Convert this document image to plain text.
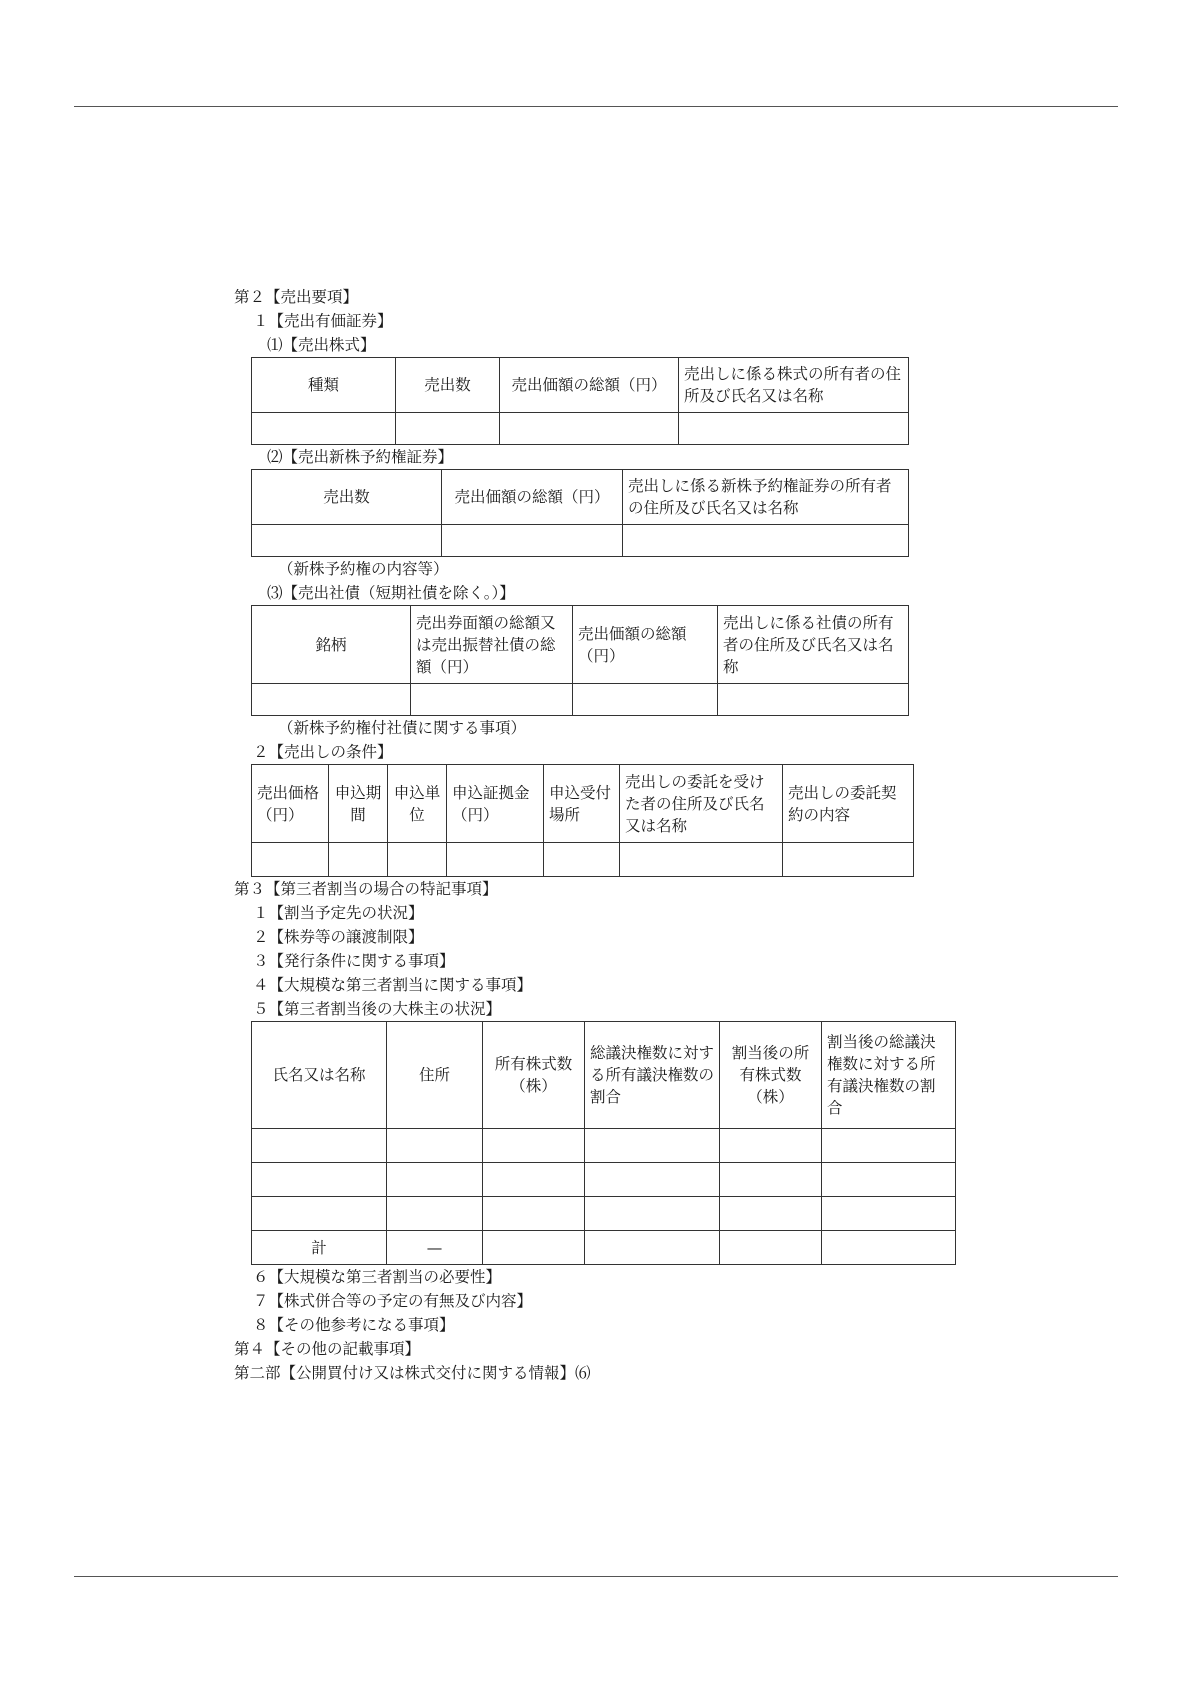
第２【売出要項】
１【売出有価証券】
⑴【売出株式】
種類	売出数	売出価額の総額（円）	売出しに係る株式の所有者の住所及び氏名又は名称

⑵【売出新株予約権証券】
売出数	売出価額の総額（円）	売出しに係る新株予約権証券の所有者の住所及び氏名又は名称

（新株予約権の内容等）
⑶【売出社債（短期社債を除く。）】
銘柄	売出券面額の総額又は売出振替社債の総額（円）	売出価額の総額（円）	売出しに係る社債の所有者の住所及び氏名又は名称

（新株予約権付社債に関する事項）
２【売出しの条件】
売出価格（円）	申込期間	申込単位	申込証拠金（円）	申込受付場所	売出しの委託を受けた者の住所及び氏名又は名称	売出しの委託契約の内容

第３【第三者割当の場合の特記事項】
１【割当予定先の状況】
２【株券等の譲渡制限】
３【発行条件に関する事項】
４【大規模な第三者割当に関する事項】
５【第三者割当後の大株主の状況】
氏名又は名称	住所	所有株式数（株）	総議決権数に対する所有議決権数の割合	割当後の所有株式数（株）	割当後の総議決権数に対する所有議決権数の割合

計	—				
６【大規模な第三者割当の必要性】
７【株式併合等の予定の有無及び内容】
８【その他参考になる事項】
第４【その他の記載事項】
第二部【公開買付け又は株式交付に関する情報】⑹
